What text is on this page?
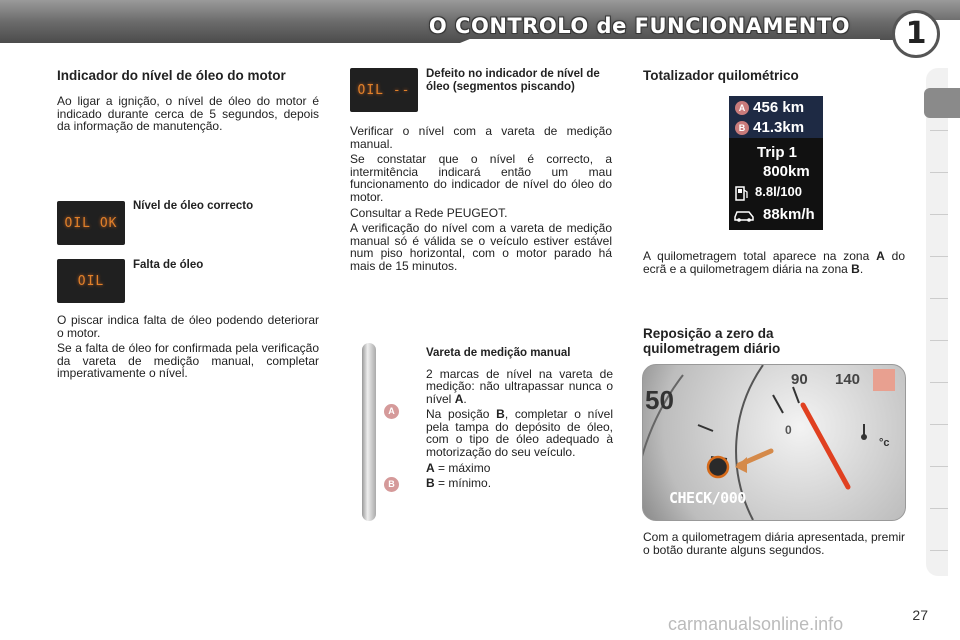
O CONTROLO de FUNCIONAMENTO	1
Indicador do nível de óleo do motor

Ao ligar a ignição, o nível de óleo do motor é indicado durante cerca de 5 segundos, depois da informação de manutenção.

OIL OK
Nível de óleo correcto
OIL
Falta de óleo

O piscar indica falta de óleo podendo deteriorar o motor.

Se a falta de óleo for confirmada pela verificação da vareta de medição manual, completar imperativamente o nível.

OIL --
Defeito no indicador de nível de óleo (segmentos piscando)

Verificar o nível com a vareta de medição manual.

Se constatar que o nível é correcto, a intermitência indicará então um mau funcionamento do indicador de nível do óleo do motor.

Consultar a Rede PEUGEOT.

A verificação do nível com a vareta de medição manual só é válida se o veículo estiver estável num piso horizontal, com o motor parado há mais de 15 minutos.

A
B
Vareta de medição manual

2 marcas de nível na vareta de medição: não ultrapassar nunca o nível A.

Na posição B, completar o nível pela tampa do depósito de óleo, com o tipo de óleo adequado à motorização do seu veículo.

A = máximo

B = mínimo.

Totalizador quilométrico
A 456 km
B 41.3km
Trip 1
800km
8.8l/100
88km/h

A quilometragem total aparece na zona A do ecrã e a quilometragem diária na zona B.

Reposição a zero da quilometragem diário
50
90 140
0
°c
CHECK/000

Com a quilometragem diária apresentada, premir o botão durante alguns segundos.

27
carmanualsonline.info
